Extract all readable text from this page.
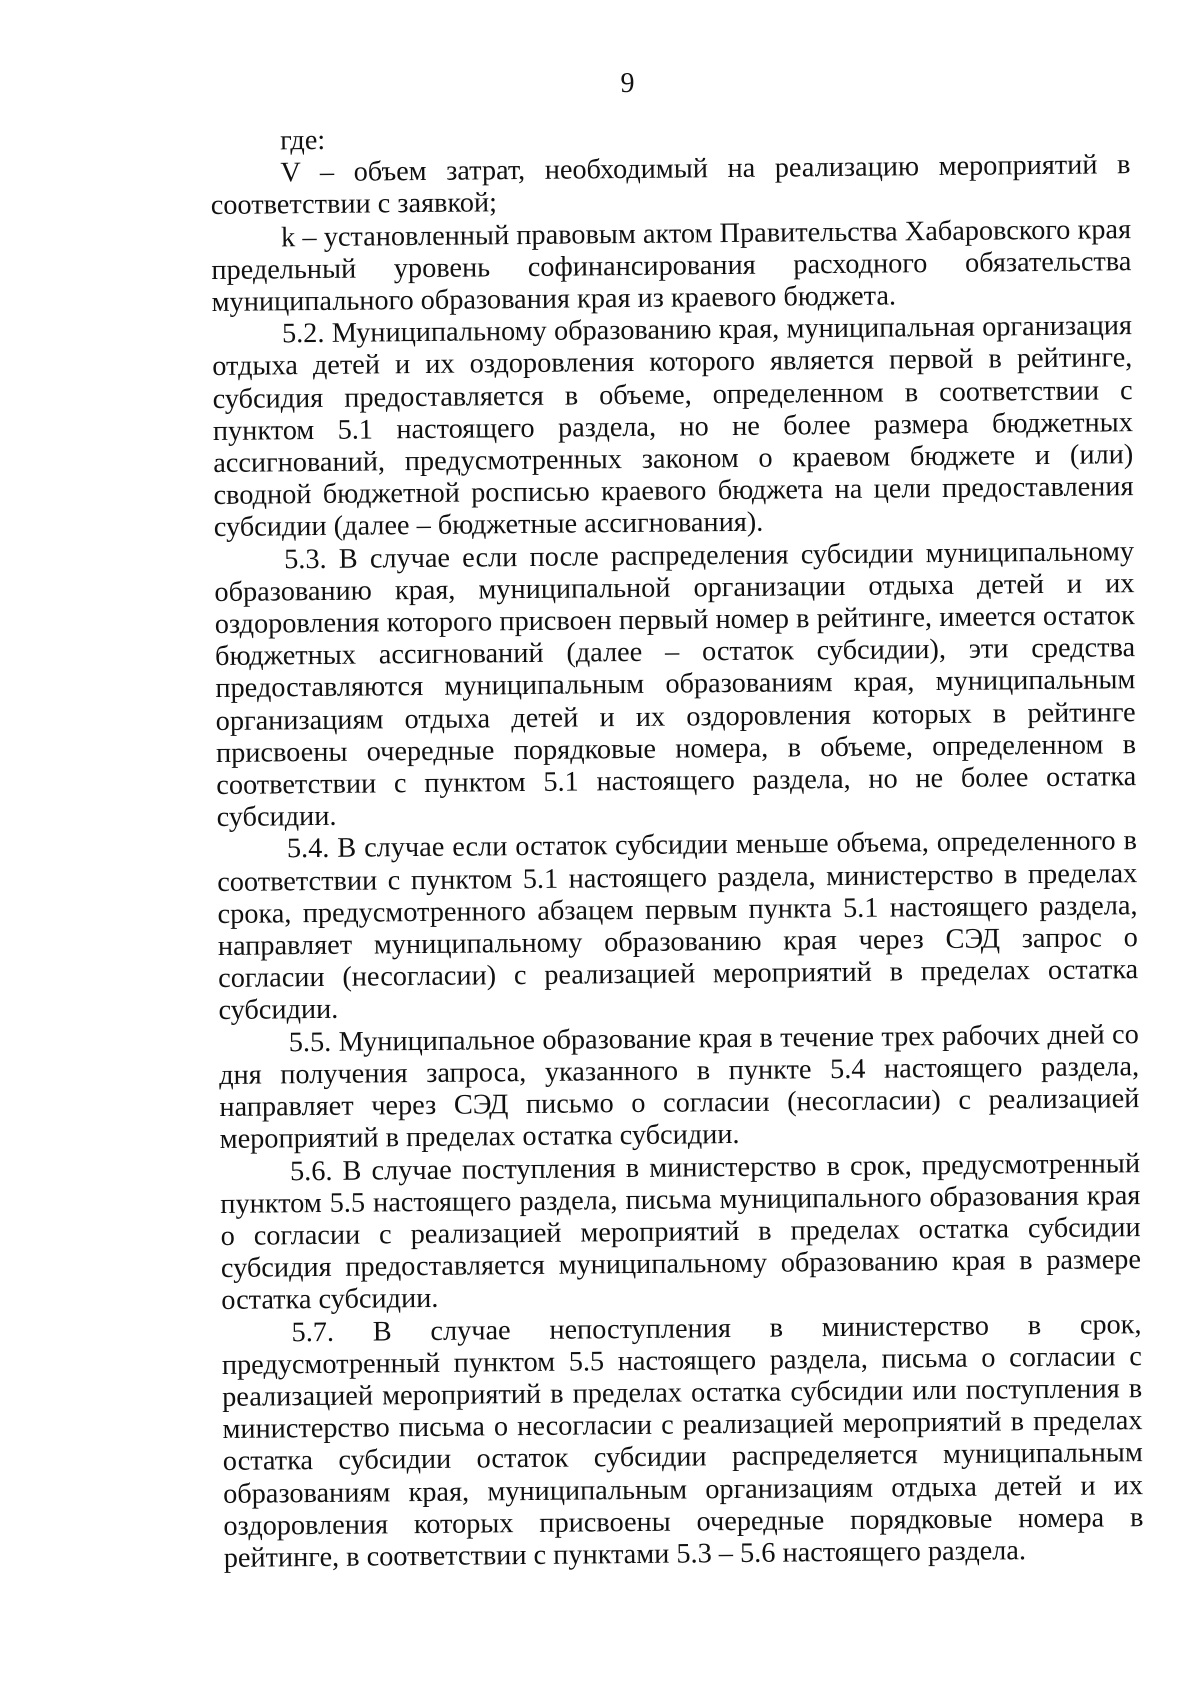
9

где:

V – объем затрат, необходимый на реализацию мероприятий в соответствии с заявкой;

k – установленный правовым актом Правительства Хабаровского края предельный уровень софинансирования расходного обязательства муниципального образования края из краевого бюджета.

5.2. Муниципальному образованию края, муниципальная организация отдыха детей и их оздоровления которого является первой в рейтинге, субсидия предоставляется в объеме, определенном в соответствии с пунктом 5.1 настоящего раздела, но не более размера бюджетных ассигнований, предусмотренных законом о краевом бюджете и (или) сводной бюджетной росписью краевого бюджета на цели предоставления субсидии (далее – бюджетные ассигнования).

5.3. В случае если после распределения субсидии муниципальному образованию края, муниципальной организации отдыха детей и их оздоровления которого присвоен первый номер в рейтинге, имеется остаток бюджетных ассигнований (далее – остаток субсидии), эти средства предоставляются муниципальным образованиям края, муниципальным организациям отдыха детей и их оздоровления которых в рейтинге присвоены очередные порядковые номера, в объеме, определенном в соответствии с пунктом 5.1 настоящего раздела, но не более остатка субсидии.

5.4. В случае если остаток субсидии меньше объема, определенного в соответствии с пунктом 5.1 настоящего раздела, министерство в пределах срока, предусмотренного абзацем первым пункта 5.1 настоящего раздела, направляет муниципальному образованию края через СЭД запрос о согласии (несогласии) с реализацией мероприятий в пределах остатка субсидии.

5.5. Муниципальное образование края в течение трех рабочих дней со дня получения запроса, указанного в пункте 5.4 настоящего раздела, направляет через СЭД письмо о согласии (несогласии) с реализацией мероприятий в пределах остатка субсидии.

5.6. В случае поступления в министерство в срок, предусмотренный пунктом 5.5 настоящего раздела, письма муниципального образования края о согласии с реализацией мероприятий в пределах остатка субсидии субсидия предоставляется муниципальному образованию края в размере остатка субсидии.

5.7. В случае непоступления в министерство в срок, предусмотренный пунктом 5.5 настоящего раздела, письма о согласии с реализацией мероприятий в пределах остатка субсидии или поступления в министерство письма о несогласии с реализацией мероприятий в пределах остатка субсидии остаток субсидии распределяется муниципальным образованиям края, муниципальным организациям отдыха детей и их оздоровления которых присвоены очередные порядковые номера в рейтинге, в соответствии с пунктами 5.3 – 5.6 настоящего раздела.
